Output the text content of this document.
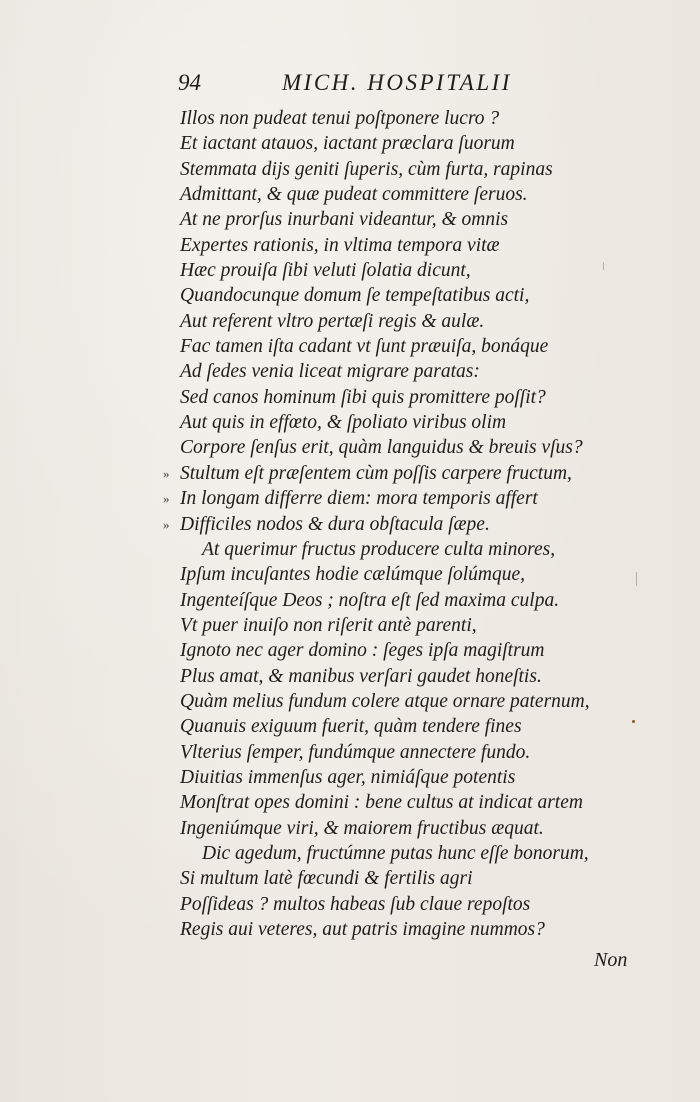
94	MICH. HOSPITALII
Illos non pudeat tenui poſtponere lucro ?
Et iactant atauos, iactant præclara ſuorum
Stemmata dijs geniti ſuperis, cùm furta, rapinas
Admittant, & quæ pudeat committere ſeruos.
At ne prorſus inurbani videantur, & omnis
Expertes rationis, in vltima tempora vitæ
Hæc prouiſa ſibi veluti ſolatia dicunt,
Quandocunque domum ſe tempeſtatibus acti,
Aut referent vltro pertæſi regis & aulæ.
Fac tamen iſta cadant vt ſunt præuiſa, bonáque
Ad ſedes venia liceat migrare paratas:
Sed canos hominum ſibi quis promittere poſſit?
Aut quis in effœto, & ſpoliato viribus olim
Corpore ſenſus erit, quàm languidus & breuis vſus?
Stultum eſt præſentem cùm poſſis carpere fructum,
»
In longam differre diem: mora temporis affert
»
Difficiles nodos & dura obſtacula ſæpe.
»
At querimur fructus producere culta minores,
Ipſum incuſantes hodie cælúmque ſolúmque,
Ingenteíſque Deos ; noſtra eſt ſed maxima culpa.
Vt puer inuiſo non riſerit antè parenti,
Ignoto nec ager domino : ſeges ipſa magiſtrum
Plus amat, & manibus verſari gaudet honeſtis.
Quàm melius fundum colere atque ornare paternum,
Quanuis exiguum fuerit, quàm tendere fines
Vlterius ſemper, fundúmque annectere fundo.
Diuitias immenſus ager, nimiáſque potentis
Monſtrat opes domini : bene cultus at indicat artem
Ingeniúmque viri, & maiorem fructibus æquat.
Dic agedum, fructúmne putas hunc eſſe bonorum,
Si multum latè fœcundi & fertilis agri
Poſſideas ? multos habeas ſub claue repoſtos
Regis aui veteres, aut patris imagine nummos?
Non
